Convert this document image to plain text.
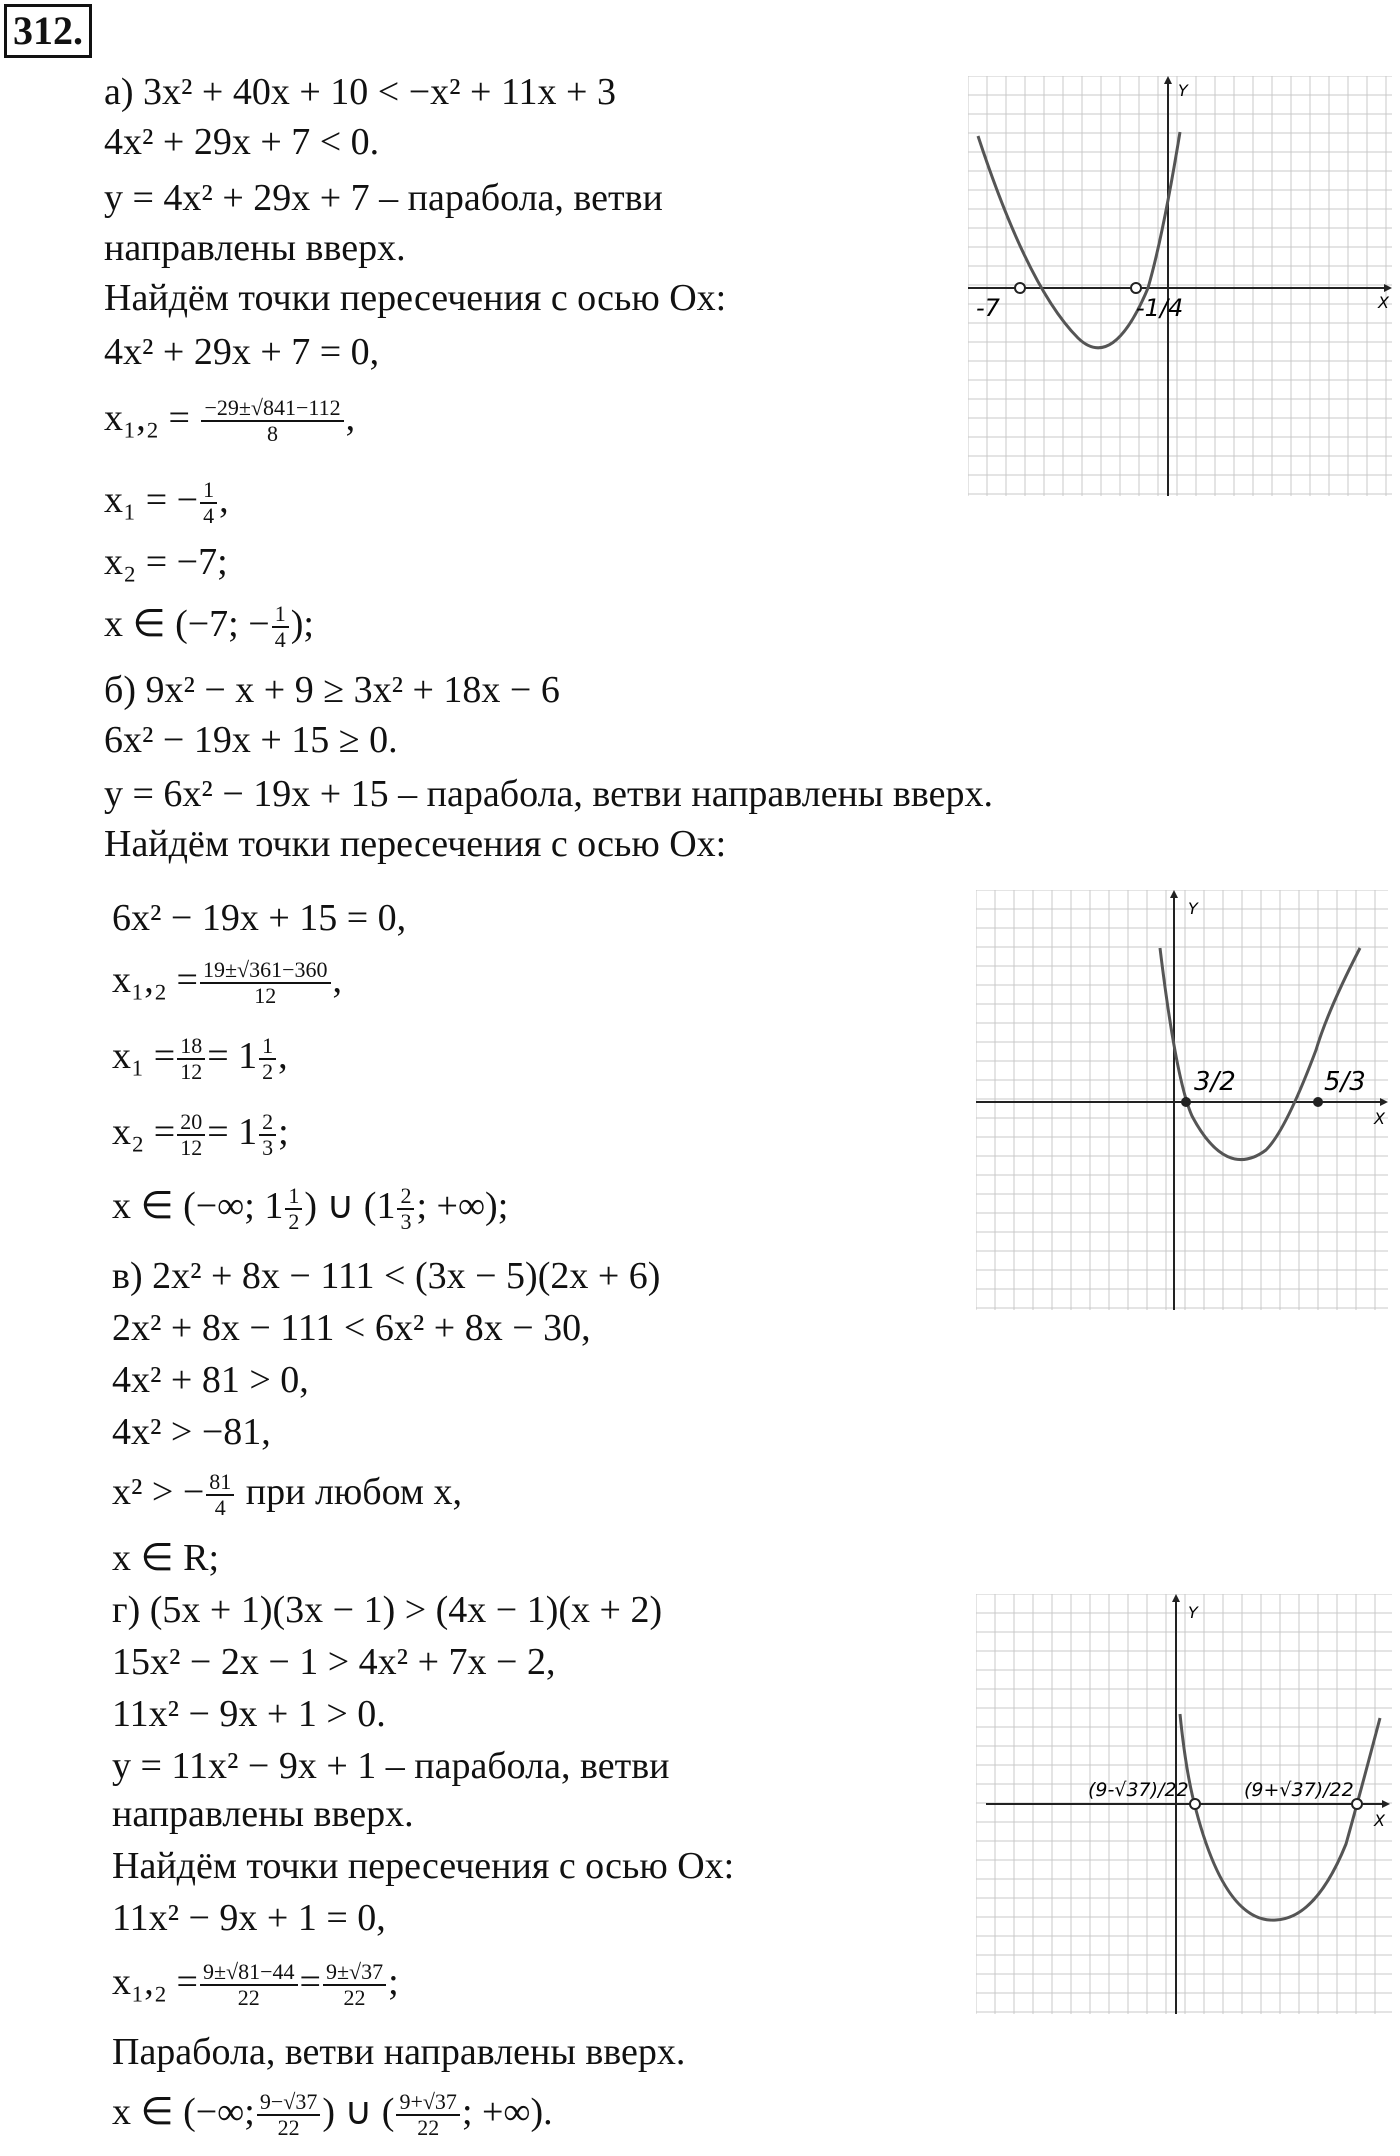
312.
а) 3x² + 40x + 10 < −x² + 11x + 3
4x² + 29x + 7 < 0.
y = 4x² + 29x + 7 – парабола, ветви
направлены вверх.
Найдём точки пересечения с осью Ox:
4x² + 29x + 7 = 0,
$x_1,_2 = \frac{-29\pm√841-112}{8}$ ,
x₁ = − $\frac{1}{4}$ ,
x₂ = −7;
x ∈ (−7; − $\frac{1}{4}$ );
б) 9x² − x + 9 ≥ 3x² + 18x − 6
6x² − 19x + 15 ≥ 0.
y = 6x² − 19x + 15 – парабола, ветви направлены вверх.
Найдём точки пересечения с осью Ox:
6x² − 19x + 15 = 0,
$x_1,_2 = \frac{19\pm√361-360}{12}$ ,
$x_1 = \frac{18}{12} = 1 \frac{1}{2}$ ,
$x_2 = \frac{20}{12} = 1 \frac{2}{3}$ ;
x ∈ (−∞; $1 \frac{1}{2}$ ) ∪ ($1 \frac{2}{3}$ ; +∞);
в) 2x² + 8x − 111 < (3x − 5)(2x + 6)
2x² + 8x − 111 < 6x² + 8x − 30,
4x² + 81 > 0,
4x² > −81,
x² > − $\frac{81}{4}$ при любом x,
x ∈ R;
г) (5x + 1)(3x − 1) > (4x − 1)(x + 2)
15x² − 2x − 1 > 4x² + 7x − 2,
11x² − 9x + 1 > 0.
y = 11x² − 9x + 1 – парабола, ветви
направлены вверх.
Найдём точки пересечения с осью Ox:
11x² − 9x + 1 = 0,
$x_1,_2 = \frac{9\pm√81-44}{22} = \frac{9\pm√37}{22}$ ;
Парабола, ветви направлены вверх.
x ∈ (−∞; $\frac{9-√37}{22}$ ) ∪ ( $\frac{9+√37}{22}$ ; +∞).
X
Y
-7	-1/4
X
Y
3/2	5/3
X
Y
(9-√37)/22	(9+√37)/22
